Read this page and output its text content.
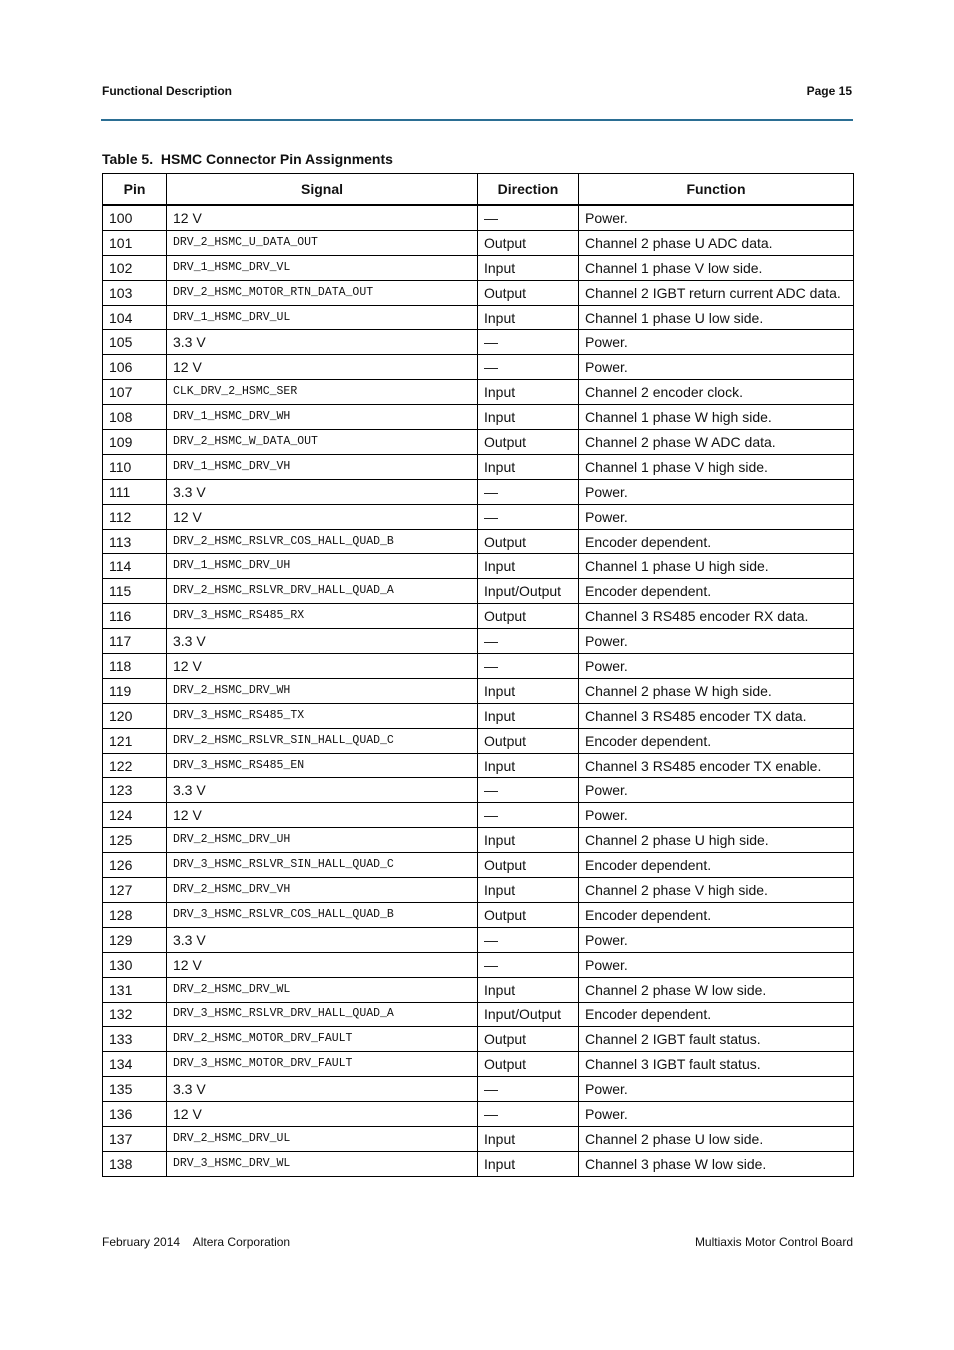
Functional Description	Page 15
Table 5.  HSMC Connector Pin Assignments
Pin	Signal	Direction	Function
100	12 V	—	Power.
101	DRV_2_HSMC_U_DATA_OUT	Output	Channel 2 phase U ADC data.
102	DRV_1_HSMC_DRV_VL	Input	Channel 1 phase V low side.
103	DRV_2_HSMC_MOTOR_RTN_DATA_OUT	Output	Channel 2 IGBT return current ADC data.
104	DRV_1_HSMC_DRV_UL	Input	Channel 1 phase U low side.
105	3.3 V	—	Power.
106	12 V	—	Power.
107	CLK_DRV_2_HSMC_SER	Input	Channel 2 encoder clock.
108	DRV_1_HSMC_DRV_WH	Input	Channel 1 phase W high side.
109	DRV_2_HSMC_W_DATA_OUT	Output	Channel 2 phase W ADC data.
110	DRV_1_HSMC_DRV_VH	Input	Channel 1 phase V high side.
111	3.3 V	—	Power.
112	12 V	—	Power.
113	DRV_2_HSMC_RSLVR_COS_HALL_QUAD_B	Output	Encoder dependent.
114	DRV_1_HSMC_DRV_UH	Input	Channel 1 phase U high side.
115	DRV_2_HSMC_RSLVR_DRV_HALL_QUAD_A	Input/Output	Encoder dependent.
116	DRV_3_HSMC_RS485_RX	Output	Channel 3 RS485 encoder RX data.
117	3.3 V	—	Power.
118	12 V	—	Power.
119	DRV_2_HSMC_DRV_WH	Input	Channel 2 phase W high side.
120	DRV_3_HSMC_RS485_TX	Input	Channel 3 RS485 encoder TX data.
121	DRV_2_HSMC_RSLVR_SIN_HALL_QUAD_C	Output	Encoder dependent.
122	DRV_3_HSMC_RS485_EN	Input	Channel 3 RS485 encoder TX enable.
123	3.3 V	—	Power.
124	12 V	—	Power.
125	DRV_2_HSMC_DRV_UH	Input	Channel 2 phase U high side.
126	DRV_3_HSMC_RSLVR_SIN_HALL_QUAD_C	Output	Encoder dependent.
127	DRV_2_HSMC_DRV_VH	Input	Channel 2 phase V high side.
128	DRV_3_HSMC_RSLVR_COS_HALL_QUAD_B	Output	Encoder dependent.
129	3.3 V	—	Power.
130	12 V	—	Power.
131	DRV_2_HSMC_DRV_WL	Input	Channel 2 phase W low side.
132	DRV_3_HSMC_RSLVR_DRV_HALL_QUAD_A	Input/Output	Encoder dependent.
133	DRV_2_HSMC_MOTOR_DRV_FAULT	Output	Channel 2 IGBT fault status.
134	DRV_3_HSMC_MOTOR_DRV_FAULT	Output	Channel 3 IGBT fault status.
135	3.3 V	—	Power.
136	12 V	—	Power.
137	DRV_2_HSMC_DRV_UL	Input	Channel 2 phase U low side.
138	DRV_3_HSMC_DRV_WL	Input	Channel 3 phase W low side.
February 2014    Altera Corporation	Multiaxis Motor Control Board
